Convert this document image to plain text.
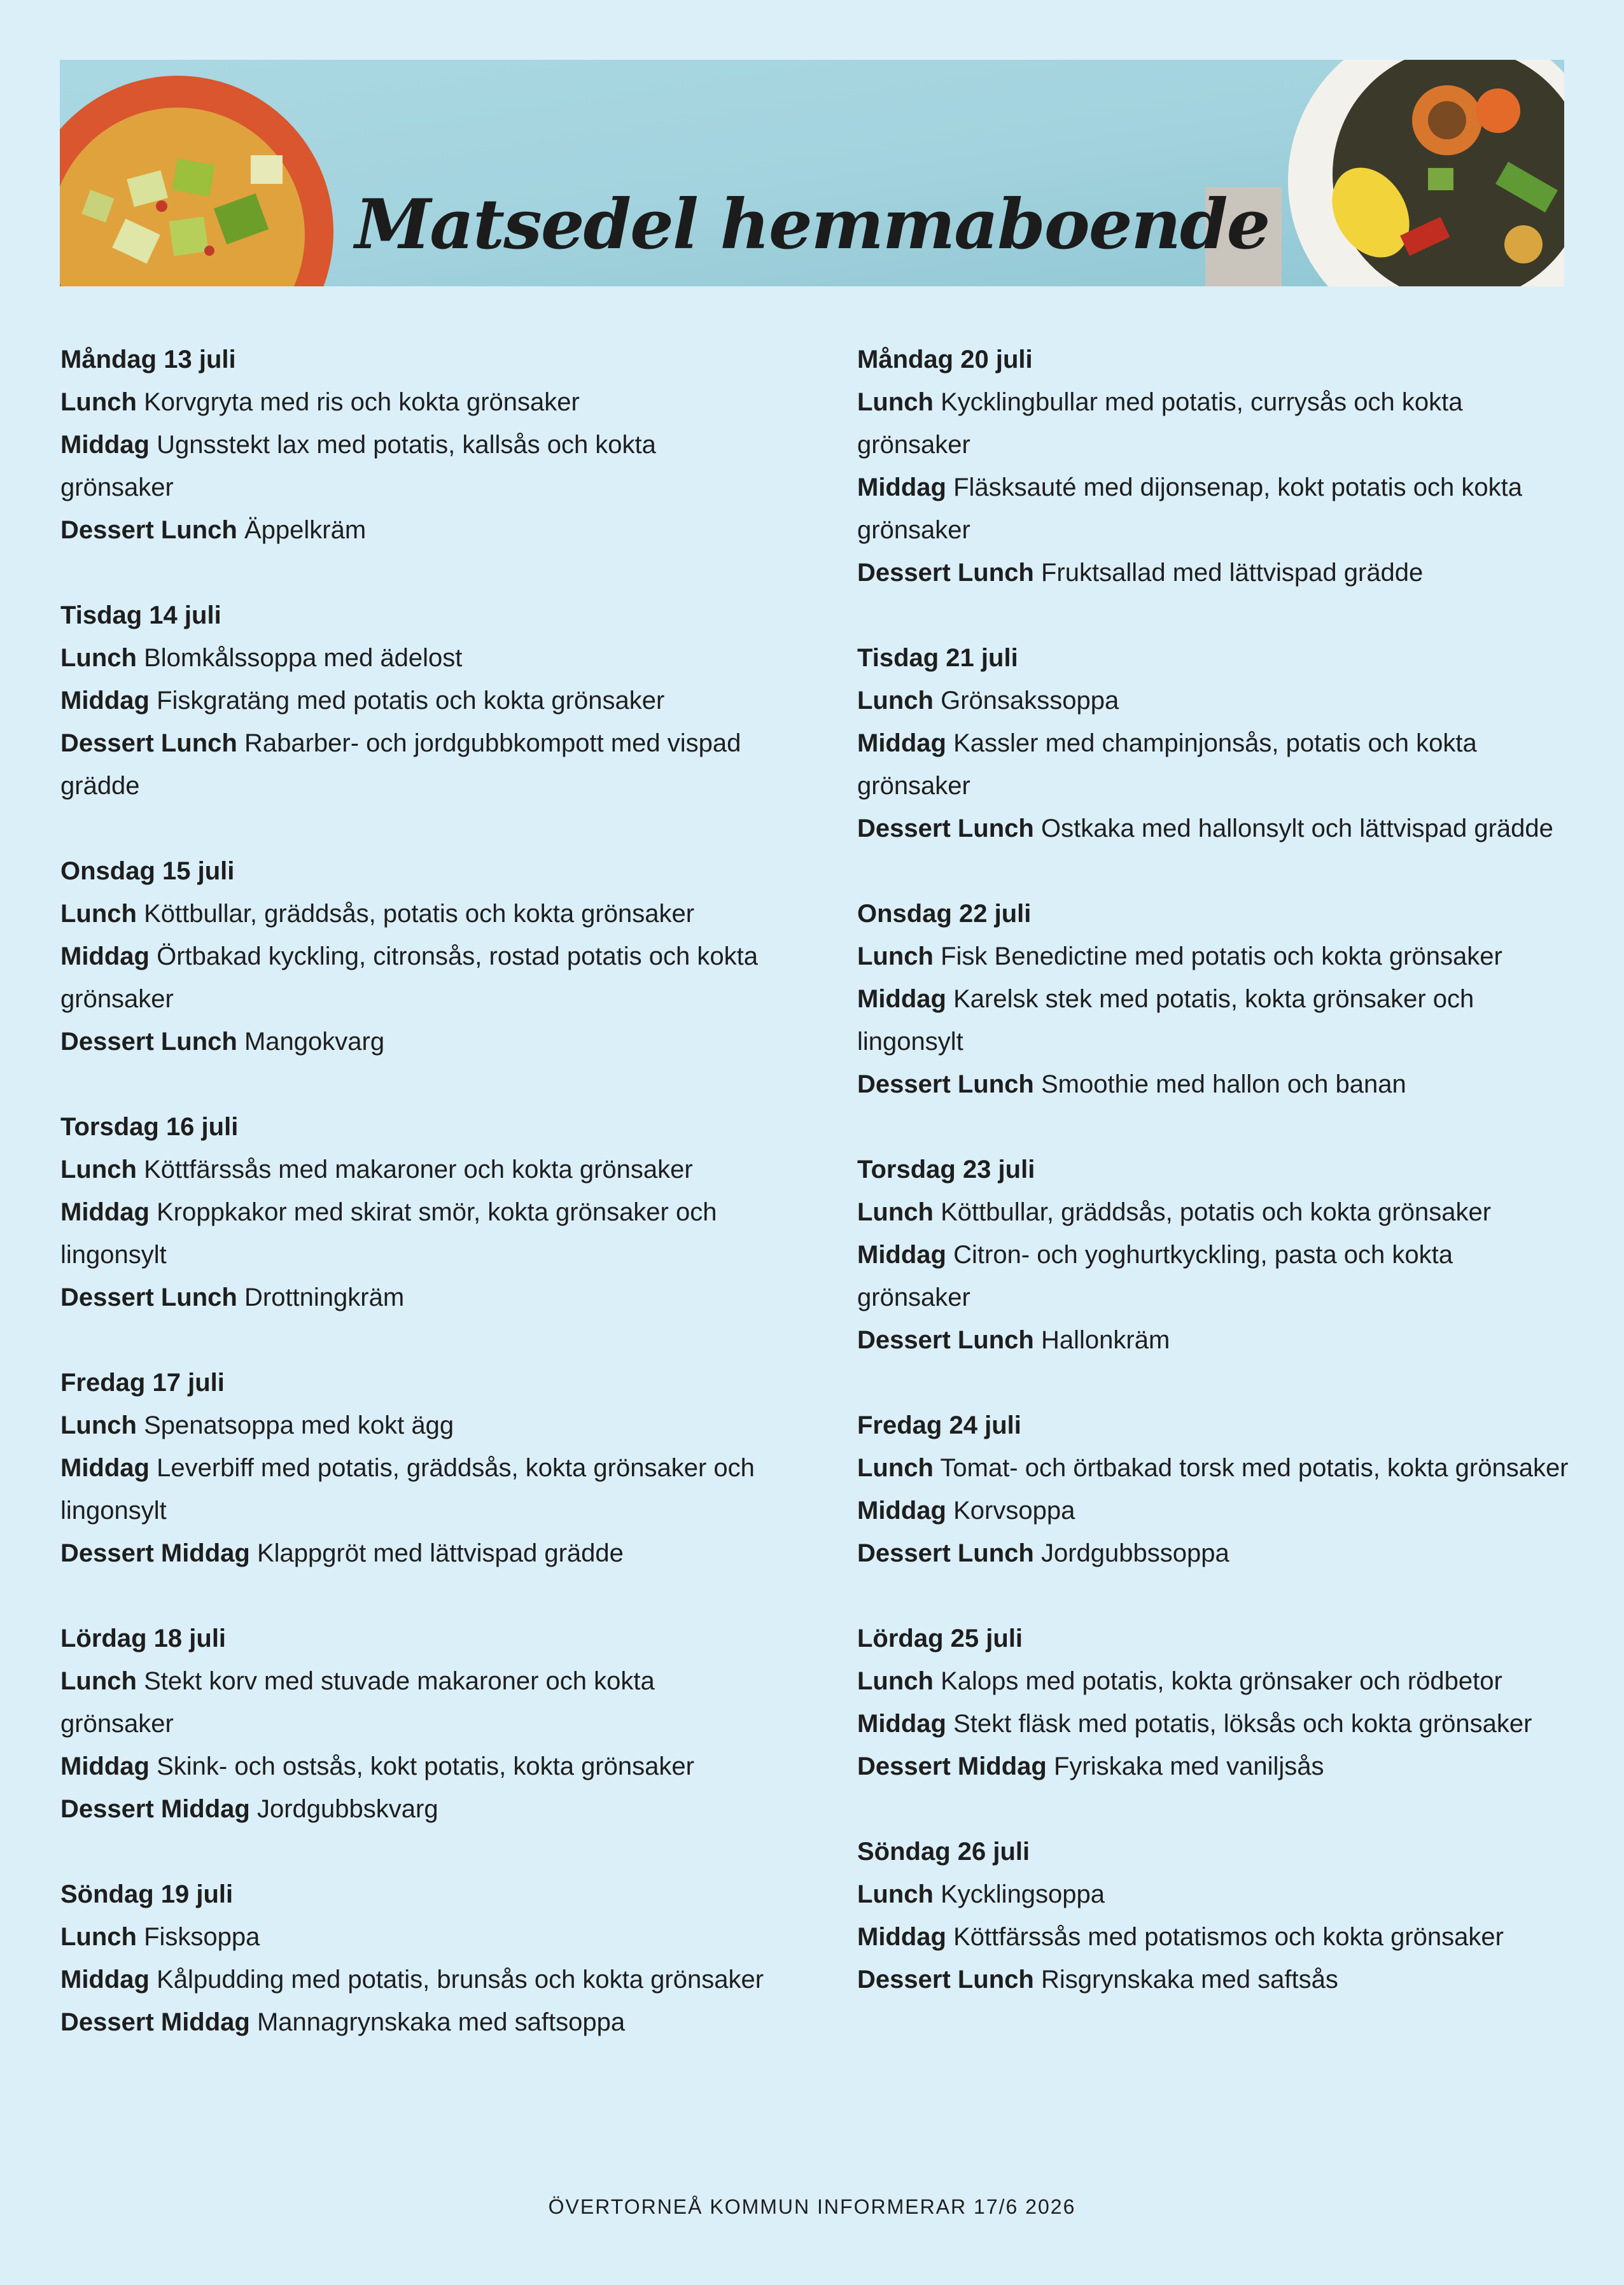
Matsedel hemmaboende
Måndag 13 juli
Lunch Korvgryta med ris och kokta grönsaker
Middag Ugnsstekt lax med potatis, kallsås och kokta grönsaker
Dessert Lunch Äppelkräm
Tisdag 14 juli
Lunch Blomkålssoppa med ädelost
Middag Fiskgratäng med potatis och kokta grönsaker
Dessert Lunch Rabarber- och jordgubbkompott med vispad grädde
Onsdag 15 juli
Lunch Köttbullar, gräddsås, potatis och kokta grönsaker
Middag Örtbakad kyckling, citronsås, rostad potatis och kokta grönsaker
Dessert Lunch Mangokvarg
Torsdag 16 juli
Lunch Köttfärssås med makaroner och kokta grönsaker
Middag Kroppkakor med skirat smör, kokta grönsaker och lingonsylt
Dessert Lunch Drottningkräm
Fredag 17 juli
Lunch Spenatsoppa med kokt ägg
Middag Leverbiff med potatis, gräddsås, kokta grönsaker och lingonsylt
Dessert Middag Klappgröt med lättvispad grädde
Lördag 18 juli
Lunch Stekt korv med stuvade makaroner och kokta grönsaker
Middag Skink- och ostsås, kokt potatis, kokta grönsaker
Dessert Middag Jordgubbskvarg
Söndag 19 juli
Lunch Fisksoppa
Middag Kålpudding med potatis, brunsås och kokta grönsaker
Dessert Middag Mannagrynskaka med saftsoppa
Måndag 20 juli
Lunch Kycklingbullar med potatis, currysås och kokta grönsaker
Middag Fläsksauté med dijonsenap, kokt potatis och kokta grönsaker
Dessert Lunch Fruktsallad med lättvispad grädde
Tisdag 21 juli
Lunch Grönsakssoppa
Middag Kassler med champinjonsås, potatis och kokta grönsaker
Dessert Lunch Ostkaka med hallonsylt och lättvispad grädde
Onsdag 22 juli
Lunch Fisk Benedictine med potatis och kokta grönsaker
Middag Karelsk stek med potatis, kokta grönsaker och lingonsylt
Dessert Lunch Smoothie med hallon och banan
Torsdag 23 juli
Lunch Köttbullar, gräddsås, potatis och kokta grönsaker
Middag Citron- och yoghurtkyckling, pasta och kokta grönsaker
Dessert Lunch Hallonkräm
Fredag 24 juli
Lunch Tomat- och örtbakad torsk med potatis, kokta grönsaker
Middag Korvsoppa
Dessert Lunch Jordgubbssoppa
Lördag 25 juli
Lunch Kalops med potatis, kokta grönsaker och rödbetor
Middag Stekt fläsk med potatis, löksås och kokta grönsaker
Dessert Middag Fyriskaka med vaniljsås
Söndag 26 juli
Lunch Kycklingsoppa
Middag Köttfärssås med potatismos och kokta grönsaker
Dessert Lunch Risgrynskaka med saftsås
ÖVERTORNEÅ KOMMUN INFORMERAR 17/6 2026
